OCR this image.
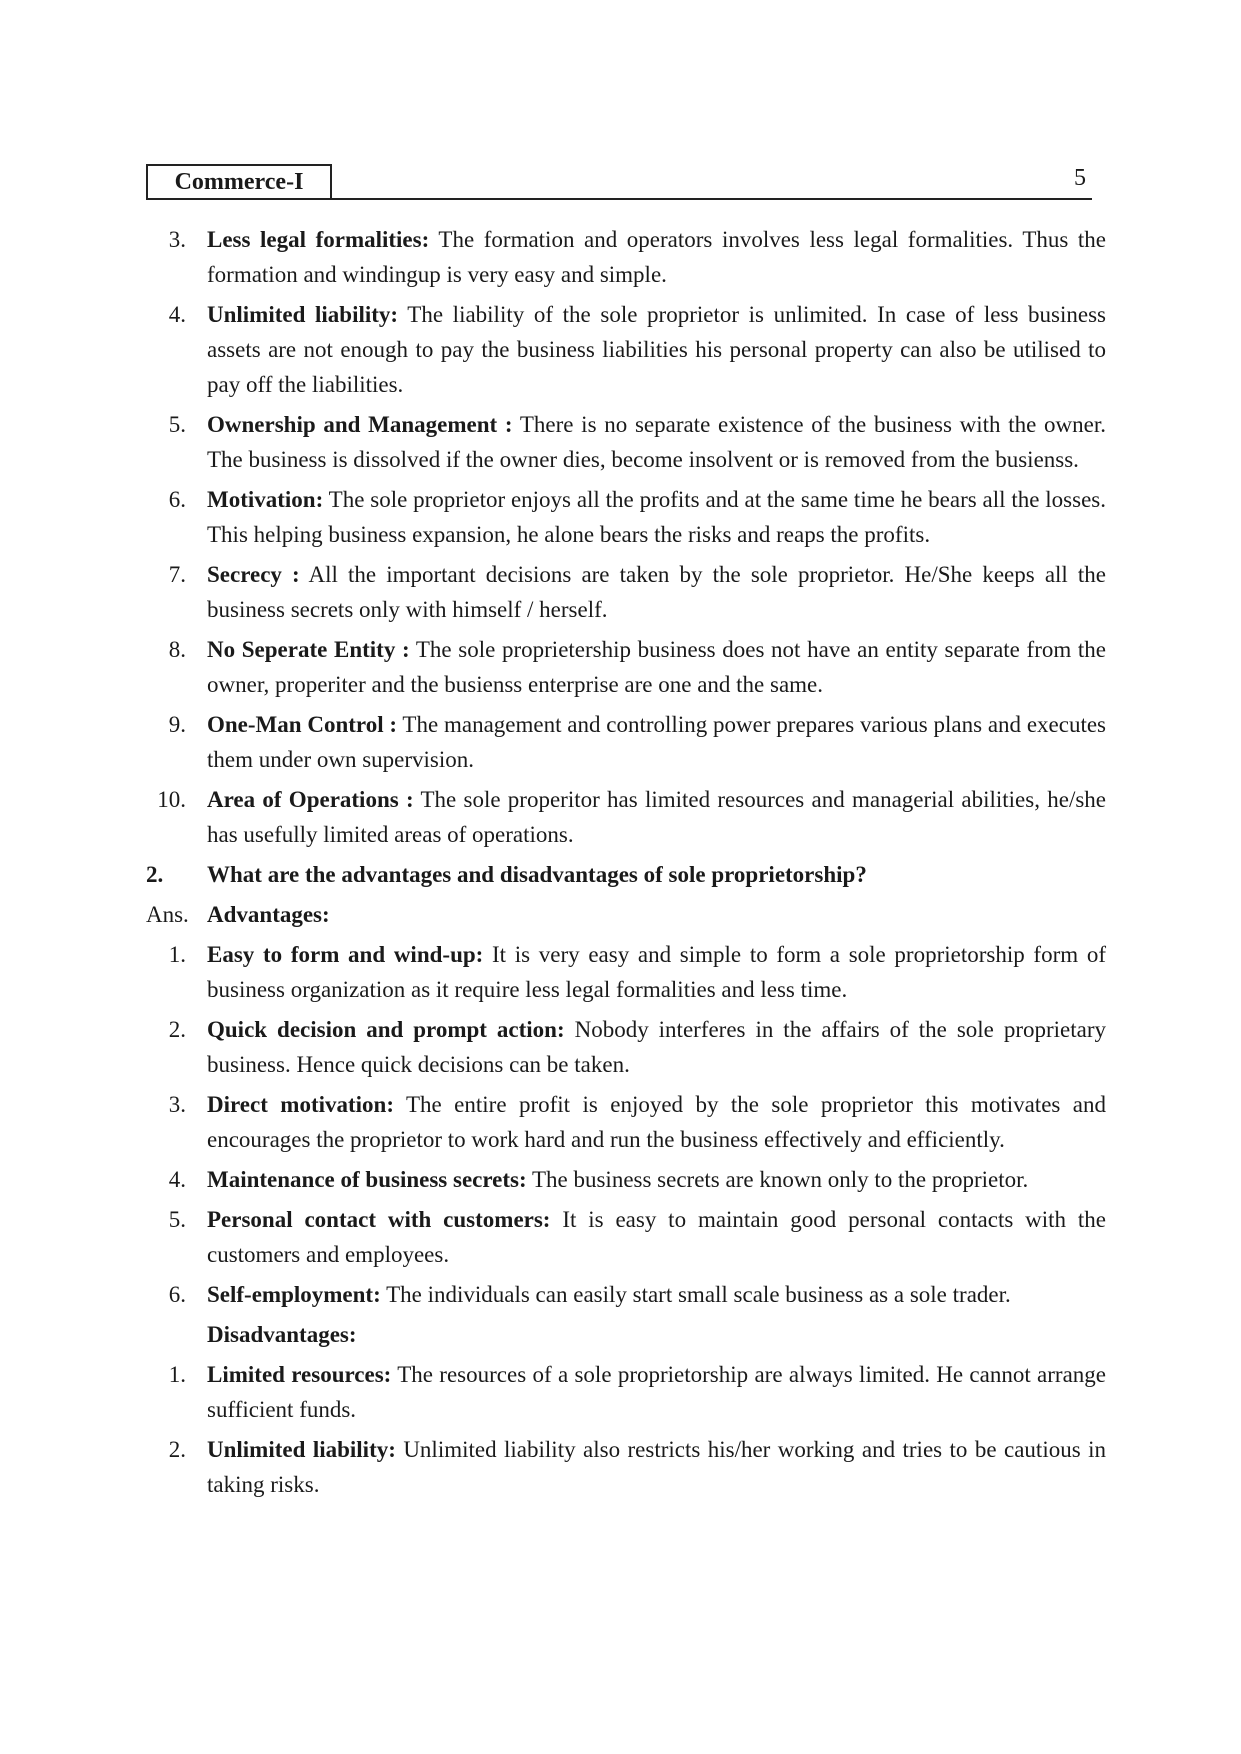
Commerce-I	5
3. Less legal formalities: The formation and operators involves less legal formalities. Thus the formation and windingup is very easy and simple.
4. Unlimited liability: The liability of the sole proprietor is unlimited. In case of less business assets are not enough to pay the business liabilities his personal property can also be utilised to pay off the liabilities.
5. Ownership and Management : There is no separate existence of the business with the owner. The business is dissolved if the owner dies, become insolvent or is removed from the busienss.
6. Motivation: The sole proprietor enjoys all the profits and at the same time he bears all the losses. This helping business expansion, he alone bears the risks and reaps the profits.
7. Secrecy : All the important decisions are taken by the sole proprietor. He/She keeps all the business secrets only with himself / herself.
8. No Seperate Entity : The sole proprietership business does not have an entity separate from the owner, properiter and the busienss enterprise are one and the same.
9. One-Man Control : The management and controlling power prepares various plans and executes them under own supervision.
10. Area of Operations : The sole properitor has limited resources and managerial abilities, he/she has usefully limited areas of operations.
2. What are the advantages and disadvantages of sole proprietorship?
Ans. Advantages:
1. Easy to form and wind-up: It is very easy and simple to form a sole proprietorship form of business organization as it require less legal formalities and less time.
2. Quick decision and prompt action: Nobody interferes in the affairs of the sole proprietary business. Hence quick decisions can be taken.
3. Direct motivation: The entire profit is enjoyed by the sole proprietor this motivates and encourages the proprietor to work hard and run the business effectively and efficiently.
4. Maintenance of business secrets: The business secrets are known only to the proprietor.
5. Personal contact with customers: It is easy to maintain good personal contacts with the customers and employees.
6. Self-employment: The individuals can easily start small scale business as a sole trader.
Disadvantages:
1. Limited resources: The resources of a sole proprietorship are always limited. He cannot arrange sufficient funds.
2. Unlimited liability: Unlimited liability also restricts his/her working and tries to be cautious in taking risks.
